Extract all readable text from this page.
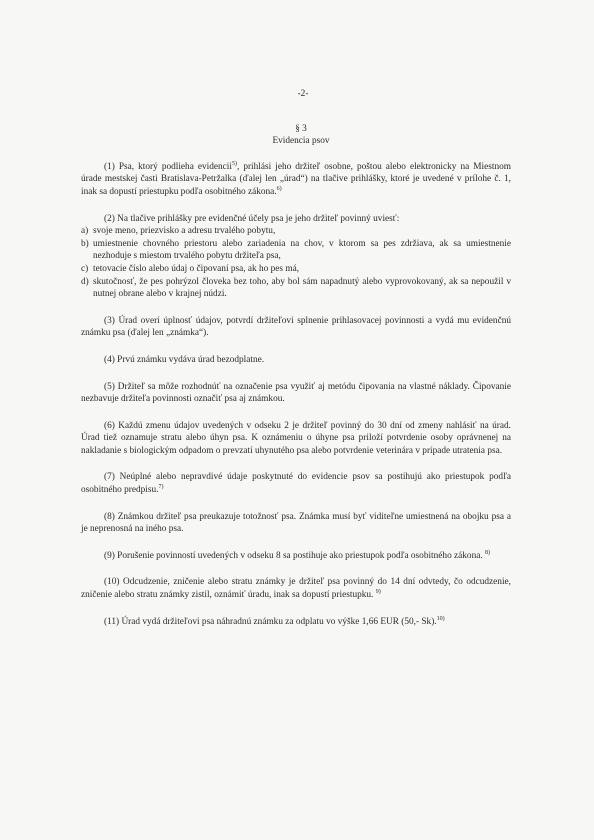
-2-
§ 3
Evidencia psov

(1) Psa, ktorý podlieha evidencii$^{5)}$, prihlási jeho držiteľ osobne, poštou alebo elektronicky na Miestnom úrade mestskej časti Bratislava-Petržalka (ďalej len „úrad“) na tlačive prihlášky, ktoré je uvedené v prílohe č. 1, inak sa dopustí priestupku podľa osobitného zákona.$^{6)}$

(2) Na tlačive prihlášky pre evidenčné účely psa je jeho držiteľ povinný uviesť:

a) svoje meno, priezvisko a adresu trvalého pobytu,
b) umiestnenie chovného priestoru alebo zariadenia na chov, v ktorom sa pes zdržiava, ak sa umiestnenie nezhoduje s miestom trvalého pobytu držiteľa psa,
c) tetovacie číslo alebo údaj o čipovaní psa, ak ho pes má,
d) skutočnosť, že pes pohrýzol človeka bez toho, aby bol sám napadnutý alebo vyprovokovaný, ak sa nepoužil v nutnej obrane alebo v krajnej núdzi.

(3) Úrad overí úplnosť údajov, potvrdí držiteľovi splnenie prihlasovacej povinnosti a vydá mu evidenčnú známku psa (ďalej len „známka“).

(4) Prvú známku vydáva úrad bezodplatne.

(5) Držiteľ sa môže rozhodnúť na označenie psa využiť aj metódu čipovania na vlastné náklady. Čipovanie nezbavuje držiteľa povinnosti označiť psa aj známkou.

(6) Každú zmenu údajov uvedených v odseku 2 je držiteľ povinný do 30 dní od zmeny nahlásiť na úrad. Úrad tiež oznamuje stratu alebo úhyn psa. K oznámeniu o úhyne psa priloží potvrdenie osoby oprávnenej na nakladanie s biologickým odpadom o prevzatí uhynutého psa alebo potvrdenie veterinára v prípade utratenia psa.

(7) Neúplné alebo nepravdivé údaje poskytnuté do evidencie psov sa postihujú ako priestupok podľa osobitného predpisu.$^{7)}$

(8) Známkou držiteľ psa preukazuje totožnosť psa. Známka musí byť viditeľne umiestnená na obojku psa a je neprenosná na iného psa.

(9) Porušenie povinností uvedených v odseku 8 sa postihuje ako priestupok podľa osobitného zákona. $^{8)}$

(10) Odcudzenie, zničenie alebo stratu známky je držiteľ psa povinný do 14 dní odvtedy, čo odcudzenie, zničenie alebo stratu známky zistil, oznámiť úradu, inak sa dopustí priestupku. $^{9)}$

(11) Úrad vydá držiteľovi psa náhradnú známku za odplatu vo výške 1,66 EUR (50,- Sk).$^{10)}$
